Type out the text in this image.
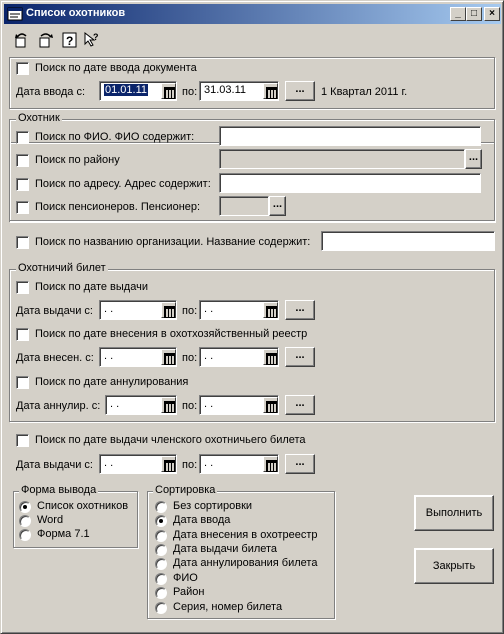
Список охотников	_	□	×
? ?
Поиск по дате ввода документа
Дата ввода с:	01.01.11	по: 31.03.11	...	1 Квартал 2011 г.
Охотник
Поиск по ФИО. ФИО содержит:
Поиск по району	...
Поиск по адресу. Адрес содержит:
Поиск пенсионеров. Пенсионер:	...
Поиск по названию организации. Название содержит:
Охотничий билет
Поиск по дате выдачи
Дата выдачи с:	. .	по: . .	...
Поиск по дате внесения в охотхозяйственный реестр
Дата внесен. с: . .	по: . .	...
Поиск по дате аннулирования
Дата аннулир. с: . .	по: . .	...
Поиск по дате выдачи членского охотничьего билета
Дата выдачи с:	. .	по: . .	...
Форма вывода
Список охотников
Word
Форма 7.1
Сортировка
Без сортировки
Дата ввода
Дата внесения в охотреестр
Дата выдачи билета
Дата аннулирования билета
ФИО
Район
Серия, номер билета
Выполнить
Закрыть
